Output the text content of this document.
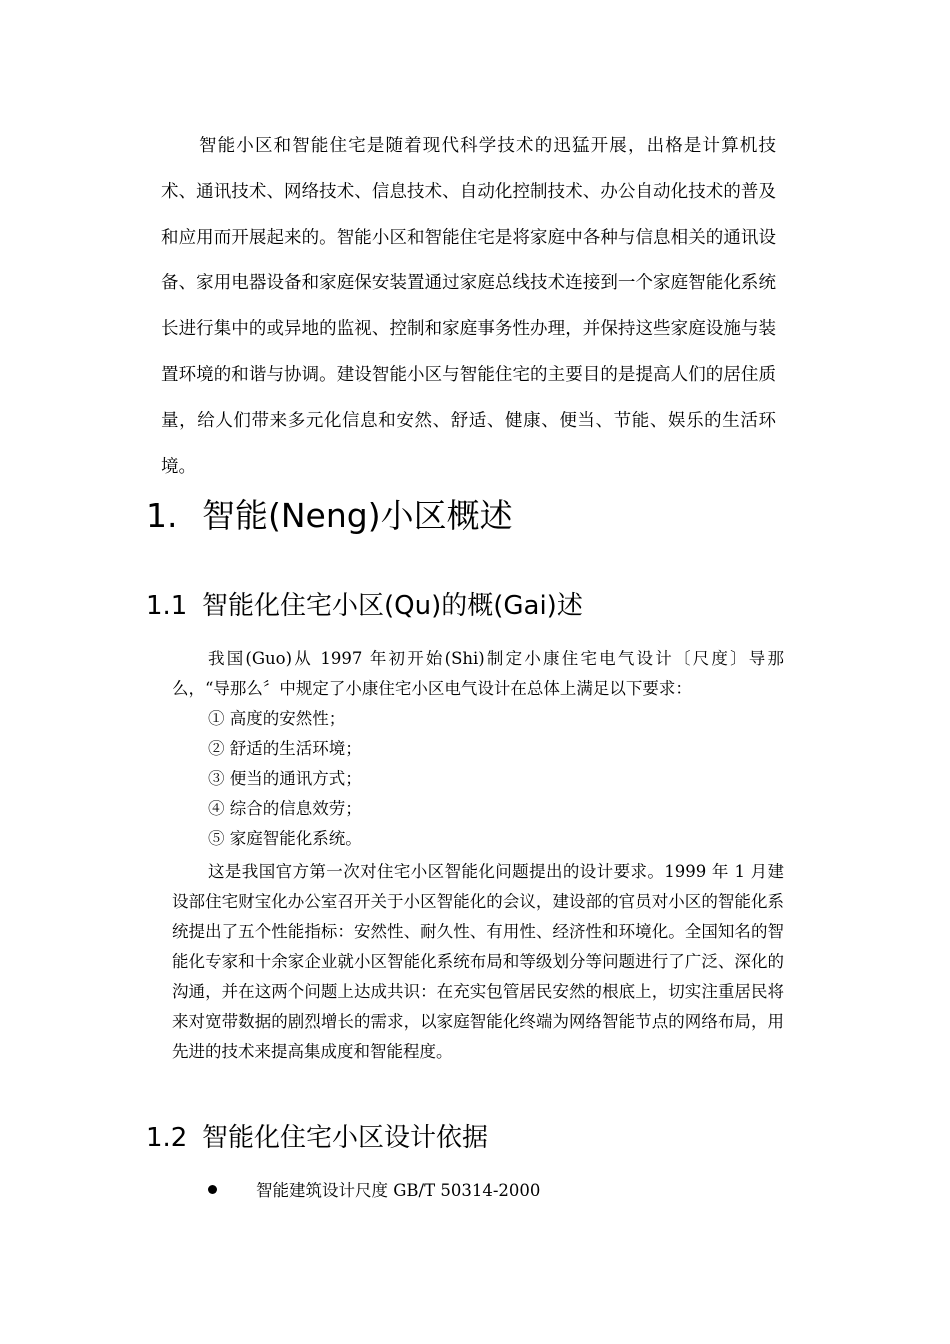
智能小区和智能住宅是随着现代科学技术的迅猛开展，出格是计算机技术、通讯技术、网络技术、信息技术、自动化控制技术、办公自动化技术的普及和应用而开展起来的。智能小区和智能住宅是将家庭中各种与信息相关的通讯设备、家用电器设备和家庭保安装置通过家庭总线技术连接到一个家庭智能化系统长进行集中的或异地的监视、控制和家庭事务性办理，并保持这些家庭设施与装置环境的和谐与协调。建设智能小区与智能住宅的主要目的是提高人们的居住质量，给人们带来多元化信息和安然、舒适、健康、便当、节能、娱乐的生活环境。

1. 智能(Neng)小区概述
1.1 智能化住宅小区(Qu)的概(Gai)述

我国(Guo)从 1997 年初开始(Shi)制定小康住宅电气设计〔尺度〕导那么，“导那么〞中规定了小康住宅小区电气设计在总体上满足以下要求：

① 高度的安然性；
② 舒适的生活环境；
③ 便当的通讯方式；
④ 综合的信息效劳；
⑤ 家庭智能化系统。

这是我国官方第一次对住宅小区智能化问题提出的设计要求。1999 年 1 月建设部住宅财宝化办公室召开关于小区智能化的会议，建设部的官员对小区的智能化系统提出了五个性能指标：安然性、耐久性、有用性、经济性和环境化。全国知名的智能化专家和十余家企业就小区智能化系统布局和等级划分等问题进行了广泛、深化的沟通，并在这两个问题上达成共识：在充实包管居民安然的根底上，切实注重居民将来对宽带数据的剧烈增长的需求，以家庭智能化终端为网络智能节点的网络布局，用先进的技术来提高集成度和智能程度。

1.2 智能化住宅小区设计依据
智能建筑设计尺度 GB/T 50314-2000
